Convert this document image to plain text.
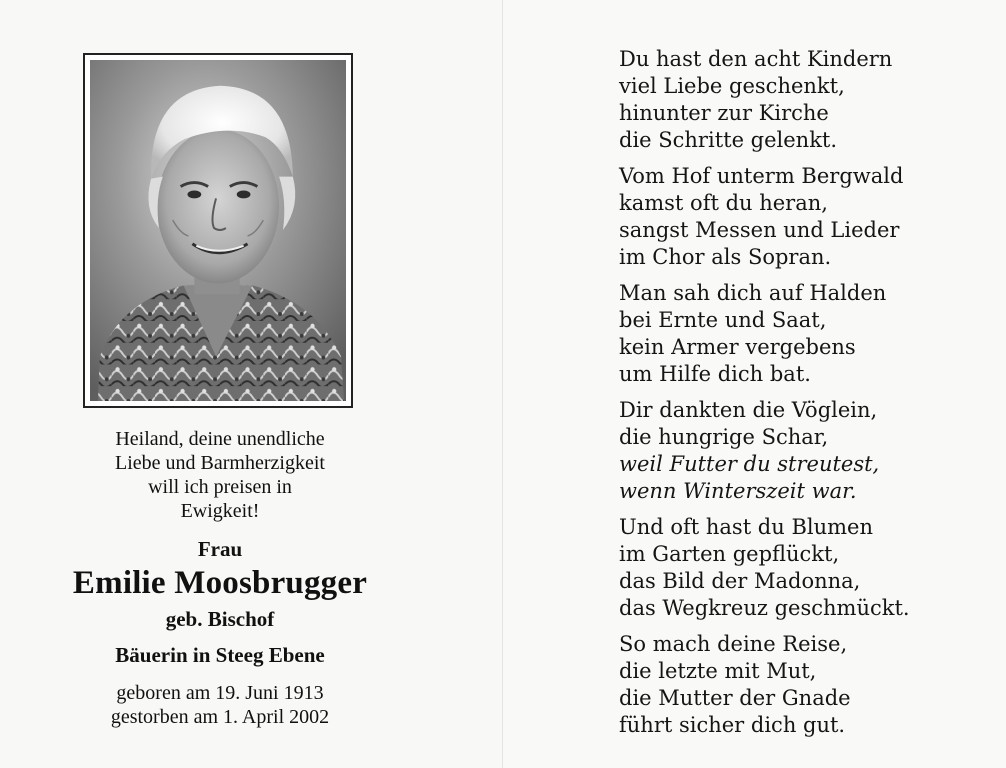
Heiland, deine unendliche
Liebe und Barmherzigkeit
will ich preisen in
Ewigkeit!
Frau
Emilie Moosbrugger
geb. Bischof
Bäuerin in Steeg Ebene
geboren am 19. Juni 1913
gestorben am 1. April 2002
Du hast den acht Kindern
viel Liebe geschenkt,
hinunter zur Kirche
die Schritte gelenkt.
Vom Hof unterm Bergwald
kamst oft du heran,
sangst Messen und Lieder
im Chor als Sopran.
Man sah dich auf Halden
bei Ernte und Saat,
kein Armer vergebens
um Hilfe dich bat.
Dir dankten die Vöglein,
die hungrige Schar,
weil Futter du streutest,
wenn Winterszeit war.
Und oft hast du Blumen
im Garten gepflückt,
das Bild der Madonna,
das Wegkreuz geschmückt.
So mach deine Reise,
die letzte mit Mut,
die Mutter der Gnade
führt sicher dich gut.
